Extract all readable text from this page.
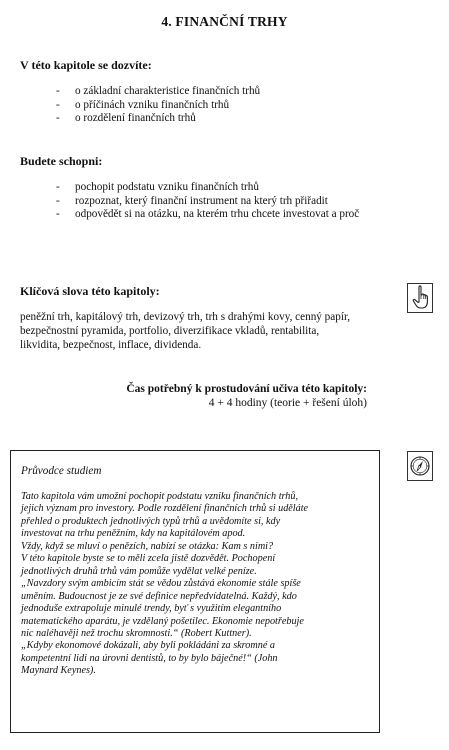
4. FINANČNÍ TRHY
V této kapitole se dozvíte:
- o základní charakteristice finančních trhů
- o příčinách vzniku finančních trhů
- o rozdělení finančních trhů
Budete schopni:
- pochopit podstatu vzniku finančních trhů
- rozpoznat, který finanční instrument na který trh přiřadit
- odpovědět si na otázku, na kterém trhu chcete investovat a proč
Klíčová slova této kapitoly:
peněžní trh, kapitálový trh, devizový trh, trh s drahými kovy, cenný papír, bezpečnostní pyramida, portfolio, diverzifikace vkladů, rentabilita, likvidita, bezpečnost, inflace, dividenda.
Čas potřebný k prostudování učiva této kapitoly:
4 + 4 hodiny (teorie + řešení úloh)
Průvodce studiem
Tato kapitola vám umožní pochopit podstatu vzniku finančních trhů,
jejich význam pro investory. Podle rozdělení finančních trhů si uděláte
přehled o produktech jednotlivých typů trhů a uvědomíte si, kdy
investovat na trhu peněžním, kdy na kapitálovém apod.
Vždy, když se mluví o penězích, nabízí se otázka: Kam s nimi?
V této kapitole byste se to měli zcela jistě dozvědět. Pochopení
jednotlivých druhů trhů vám pomůže vydělat velké peníze.
„Navzdory svým ambicím stát se vědou zůstává ekonomie stále spíše
uměním. Budoucnost je ze své definice nepředvídatelná. Každý, kdo
jednoduše extrapoluje minulé trendy, byť s využitím elegantního
matematického aparátu, je vzdělaný pošetilec. Ekonomie nepotřebuje
nic naléhavěji než trochu skromnosti.“ (Robert Kuttner).
„Kdyby ekonomové dokázali, aby byli pokládáni za skromné a
kompetentní lidi na úrovni dentistů, to by bylo báječné!“ (John
Maynard Keynes).
